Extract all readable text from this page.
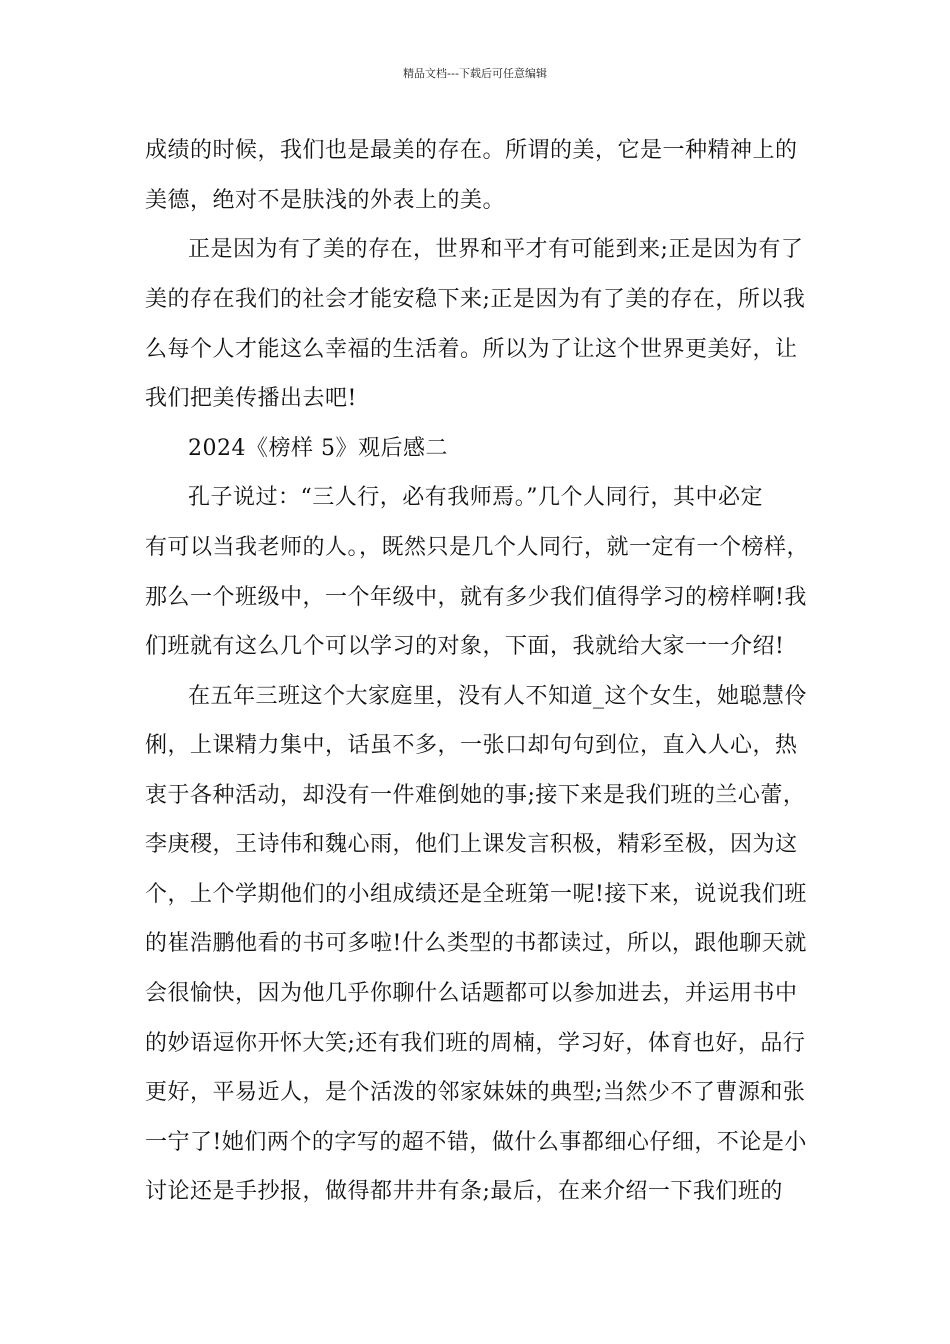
精品文档---下载后可任意编辑
成绩的时候，我们也是最美的存在。所谓的美，它是一种精神上的
美德，绝对不是肤浅的外表上的美。
正是因为有了美的存在，世界和平才有可能到来;正是因为有了
美的存在我们的社会才能安稳下来;正是因为有了美的存在，所以我
么每个人才能这么幸福的生活着。所以为了让这个世界更美好，让
我们把美传播出去吧!
2024《榜样 5》观后感二
孔子说过：“三人行，必有我师焉。”几个人同行，其中必定
有可以当我老师的人。，既然只是几个人同行，就一定有一个榜样，
那么一个班级中，一个年级中，就有多少我们值得学习的榜样啊!我
们班就有这么几个可以学习的对象，下面，我就给大家一一介绍!
在五年三班这个大家庭里，没有人不知道_这个女生，她聪慧伶
俐，上课精力集中，话虽不多，一张口却句句到位，直入人心，热
衷于各种活动，却没有一件难倒她的事;接下来是我们班的兰心蕾，
李庚稷，王诗伟和魏心雨，他们上课发言积极，精彩至极，因为这
个，上个学期他们的小组成绩还是全班第一呢!接下来，说说我们班
的崔浩鹏他看的书可多啦!什么类型的书都读过，所以，跟他聊天就
会很愉快，因为他几乎你聊什么话题都可以参加进去，并运用书中
的妙语逗你开怀大笑;还有我们班的周楠，学习好，体育也好，品行
更好，平易近人，是个活泼的邻家妹妹的典型;当然少不了曹源和张
一宁了!她们两个的字写的超不错，做什么事都细心仔细，不论是小
讨论还是手抄报，做得都井井有条;最后，在来介绍一下我们班的
